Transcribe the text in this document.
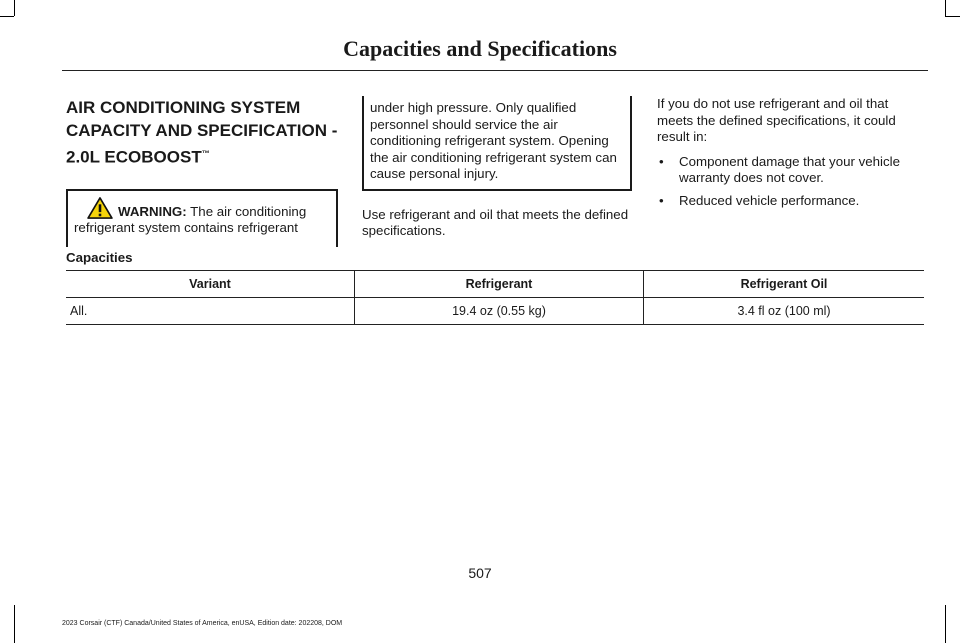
Capacities and Specifications
AIR CONDITIONING SYSTEM
CAPACITY AND SPECIFICATION -
2.0L ECOBOOST™
WARNING: The air conditioning refrigerant system contains refrigerant

under high pressure. Only qualified personnel should service the air conditioning refrigerant system. Opening the air conditioning refrigerant system can cause personal injury.

Use refrigerant and oil that meets the defined specifications.

If you do not use refrigerant and oil that meets the defined specifications, it could result in:

• Component damage that your vehicle warranty does not cover.
• Reduced vehicle performance.
Capacities
Variant	Refrigerant	Refrigerant Oil
All.	19.4 oz (0.55 kg)	3.4 fl oz (100 ml)
507
2023 Corsair (CTF) Canada/United States of America, enUSA, Edition date: 202208, DOM
